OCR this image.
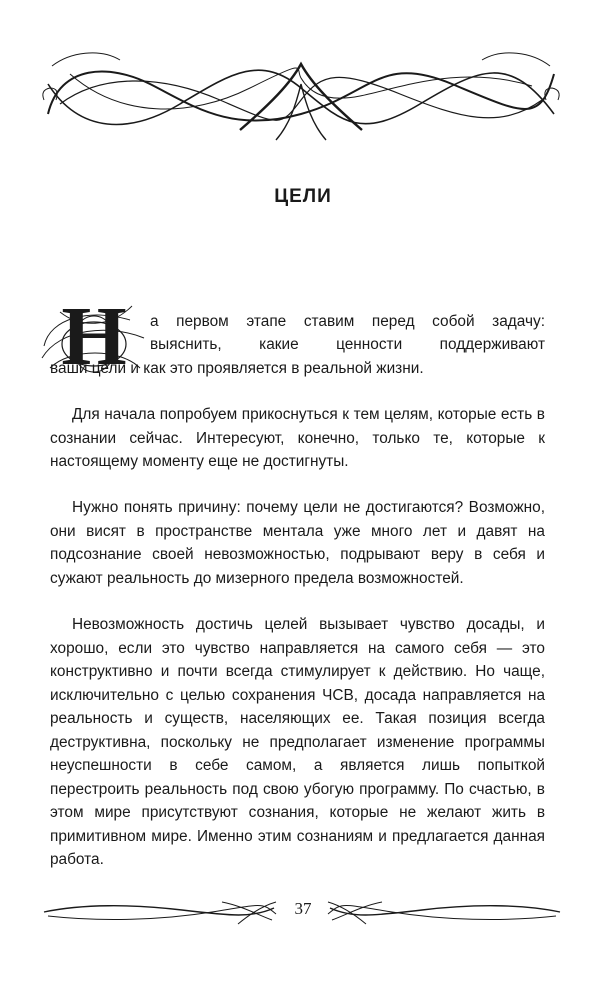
ЦЕЛИ
Н	а первом этапе ставим перед собой задачу:

выяснить, какие ценности поддерживают
ваши цели и как это проявляется в реальной жизни.

Для начала попробуем прикоснуться к тем целям, которые есть в сознании сейчас. Интересуют, конечно, только те, которые к настоящему моменту еще не достигнуты.

Нужно понять причину: почему цели не достигаются? Возможно, они висят в пространстве ментала уже много лет и давят на подсознание своей невозможностью, подрывают веру в себя и сужают реальность до мизерного предела возможностей.

Невозможность достичь целей вызывает чувство досады, и хорошо, если это чувство направляется на самого себя — это конструктивно и почти всегда стимулирует к действию. Но чаще, исключительно с целью сохранения ЧСВ, досада направляется на реальность и существ, населяющих ее. Такая позиция всегда деструктивна, поскольку не предполагает изменение программы неуспешности в себе самом, а является лишь попыткой перестроить реальность под свою убогую программу. По счастью, в этом мире присутствуют сознания, которые не желают жить в примитивном мире. Именно этим сознаниям и предлагается данная работа.

37
